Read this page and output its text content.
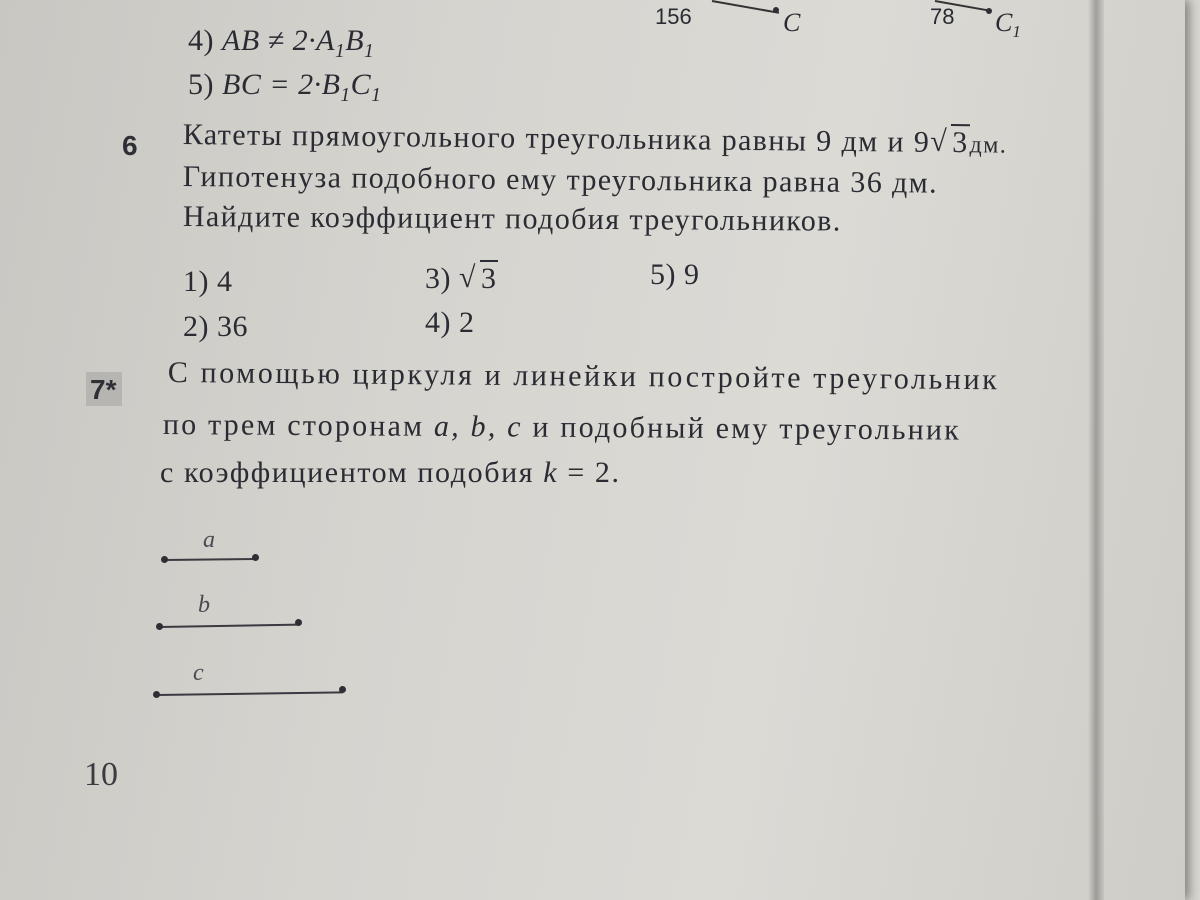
156	C	78 $C_1$
4) AB ≠ $2\cdot A_1B_1$
5) BC = $2\cdot B_1C_1$
6 Катеты прямоугольного треугольника равны 9 дм и 9 √ 3дм.
Гипотенуза подобного ему треугольника равна 36 дм.
Найдите коэффициент подобия треугольников.
1) 4
2) 36
3) √ 3
4) 2
5) 9
7* С помощью циркуля и линейки постройте треугольник
по трем сторонам a, b, c и подобный ему треугольник
с коэффициентом подобия k = 2.
a
b
c
10
